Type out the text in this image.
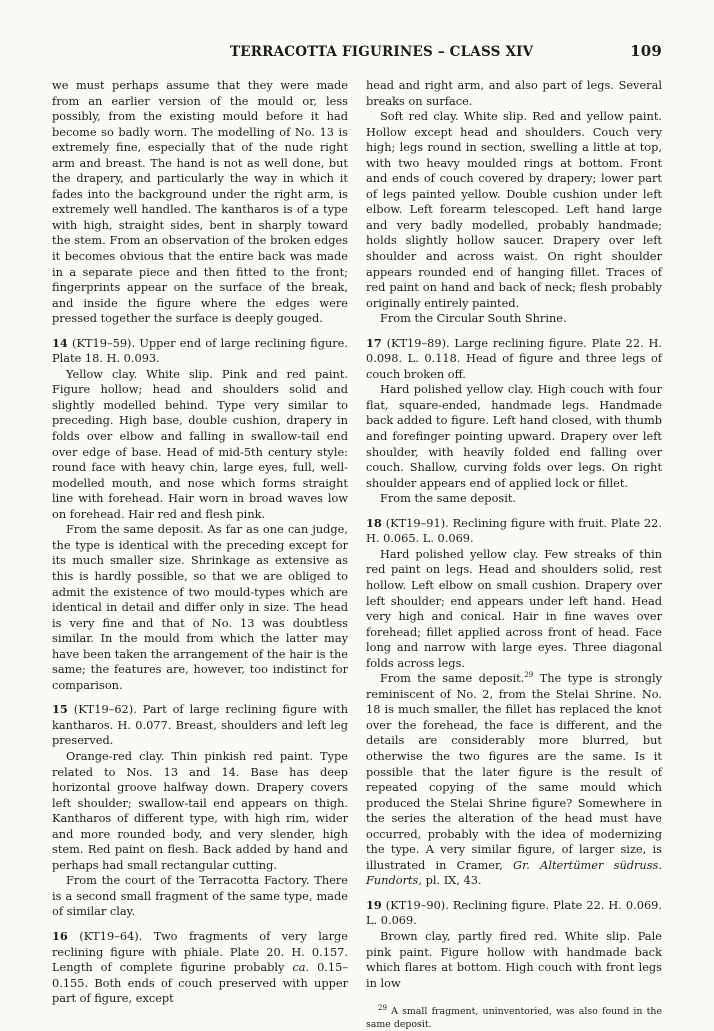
TERRACOTTA FIGURINES – CLASS XIV	109

we must perhaps assume that they were made from an earlier version of the mould or, less possibly, from the existing mould before it had become so badly worn. The modelling of No. 13 is extremely fine, especially that of the nude right arm and breast. The hand is not as well done, but the drapery, and particularly the way in which it fades into the background under the right arm, is extremely well handled. The kantharos is of a type with high, straight sides, bent in sharply toward the stem. From an observation of the broken edges it becomes obvious that the entire back was made in a separate piece and then fitted to the front; fingerprints appear on the surface of the break, and inside the figure where the edges were pressed together the surface is deeply gouged.

14 (KT19–59). Upper end of large reclining figure. Plate 18. H. 0.093.

Yellow clay. White slip. Pink and red paint. Figure hollow; head and shoulders solid and slightly modelled behind. Type very similar to preceding. High base, double cushion, drapery in folds over elbow and falling in swallow-tail end over edge of base. Head of mid-5th century style: round face with heavy chin, large eyes, full, well-modelled mouth, and nose which forms straight line with forehead. Hair worn in broad waves low on forehead. Hair red and flesh pink.

From the same deposit. As far as one can judge, the type is identical with the preceding except for its much smaller size. Shrinkage as extensive as this is hardly possible, so that we are obliged to admit the existence of two mould-types which are identical in detail and differ only in size. The head is very fine and that of No. 13 was doubtless similar. In the mould from which the latter may have been taken the arrangement of the hair is the same; the features are, however, too indistinct for comparison.

15 (KT19–62). Part of large reclining figure with kantharos. H. 0.077. Breast, shoulders and left leg preserved.

Orange-red clay. Thin pinkish red paint. Type related to Nos. 13 and 14. Base has deep horizontal groove halfway down. Drapery covers left shoulder; swallow-tail end appears on thigh. Kantharos of different type, with high rim, wider and more rounded body, and very slender, high stem. Red paint on flesh. Back added by hand and perhaps had small rectangular cutting.

From the court of the Terracotta Factory. There is a second small fragment of the same type, made of similar clay.

16 (KT19–64). Two fragments of very large reclining figure with phiale. Plate 20. H. 0.157. Length of complete figurine probably ca. 0.15–0.155. Both ends of couch preserved with upper part of figure, except

head and right arm, and also part of legs. Several breaks on surface.

Soft red clay. White slip. Red and yellow paint. Hollow except head and shoulders. Couch very high; legs round in section, swelling a little at top, with two heavy moulded rings at bottom. Front and ends of couch covered by drapery; lower part of legs painted yellow. Double cushion under left elbow. Left forearm telescoped. Left hand large and very badly modelled, probably handmade; holds slightly hollow saucer. Drapery over left shoulder and across waist. On right shoulder appears rounded end of hanging fillet. Traces of red paint on hand and back of neck; flesh probably originally entirely painted.

From the Circular South Shrine.

17 (KT19–89). Large reclining figure. Plate 22. H. 0.098. L. 0.118. Head of figure and three legs of couch broken off.

Hard polished yellow clay. High couch with four flat, square-ended, handmade legs. Handmade back added to figure. Left hand closed, with thumb and forefinger pointing upward. Drapery over left shoulder, with heavily folded end falling over couch. Shallow, curving folds over legs. On right shoulder appears end of applied lock or fillet.

From the same deposit.

18 (KT19–91). Reclining figure with fruit. Plate 22. H. 0.065. L. 0.069.

Hard polished yellow clay. Few streaks of thin red paint on legs. Head and shoulders solid, rest hollow. Left elbow on small cushion. Drapery over left shoulder; end appears under left hand. Head very high and conical. Hair in fine waves over forehead; fillet applied across front of head. Face long and narrow with large eyes. Three diagonal folds across legs.

From the same deposit.$^{29}$ The type is strongly reminiscent of No. 2, from the Stelai Shrine. No. 18 is much smaller, the fillet has replaced the knot over the forehead, the face is different, and the details are considerably more blurred, but otherwise the two figures are the same. Is it possible that the later figure is the result of repeated copying of the same mould which produced the Stelai Shrine figure? Somewhere in the series the alteration of the head must have occurred, probably with the idea of modernizing the type. A very similar figure, of larger size, is illustrated in Cramer, Gr. Altertümer südruss. Fundorts, pl. IX, 43.

19 (KT19–90). Reclining figure. Plate 22. H. 0.069. L. 0.069.

Brown clay, partly fired red. White slip. Pale pink paint. Figure hollow with handmade back which flares at bottom. High couch with front legs in low

$^{29}$ A small fragment, uninventoried, was also found in the same deposit.
